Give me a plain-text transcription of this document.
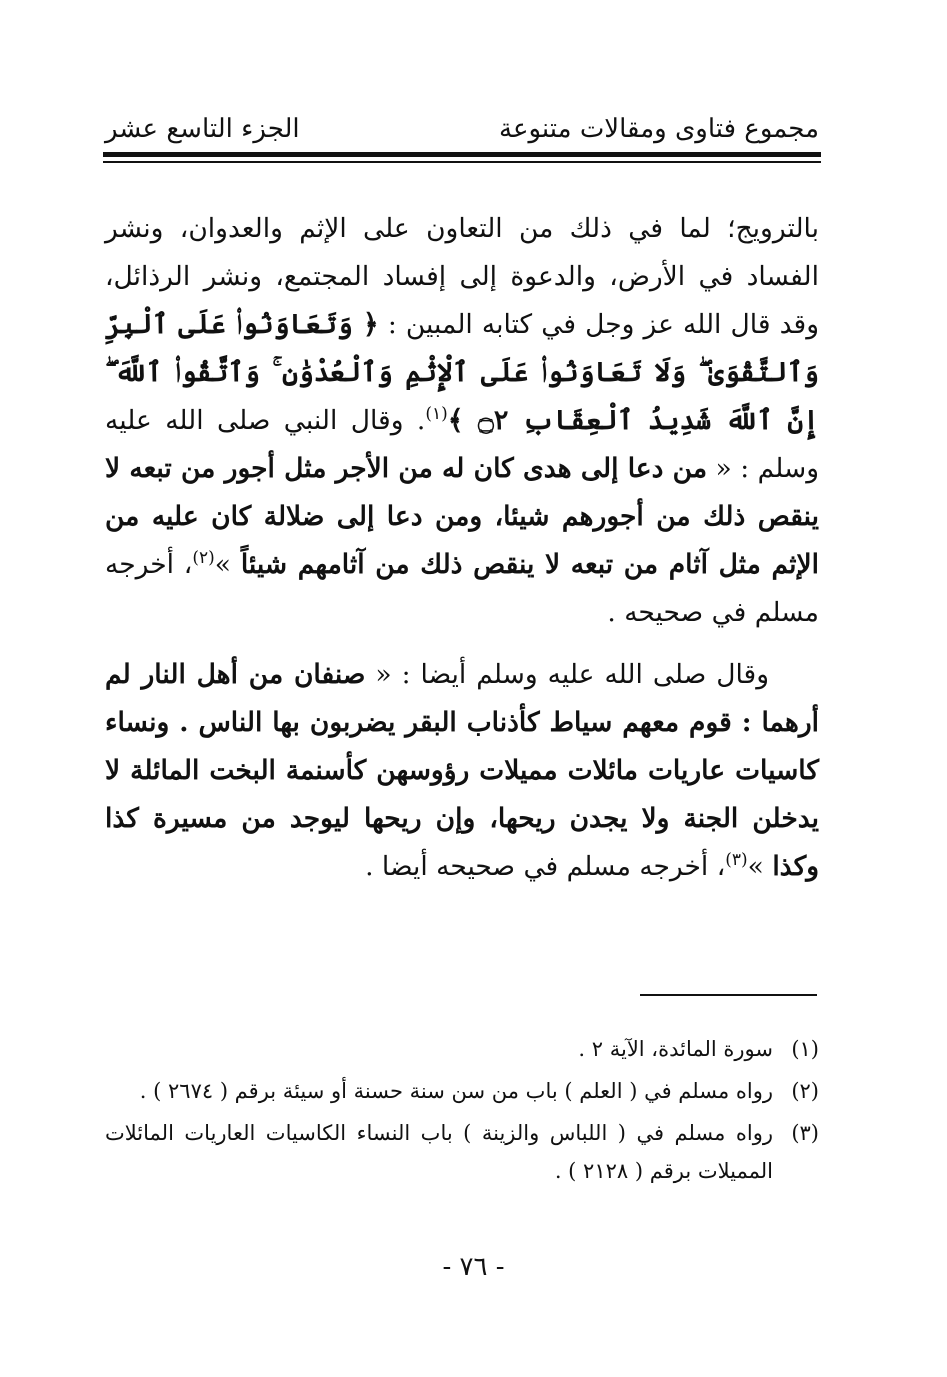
مجموع فتاوى ومقالات متنوعة
الجزء التاسع عشر

بالترويج؛ لما في ذلك من التعاون على الإثم والعدوان، ونشر الفساد في الأرض، والدعوة إلى إفساد المجتمع، ونشر الرذائل، وقد قال الله عز وجل في كتابه المبين : ﴿ وَتَعَاوَنُوا۟ عَلَى ٱلْبِرِّ وَٱلتَّقْوَىٰ ۖ وَلَا تَعَاوَنُوا۟ عَلَى ٱلْإِثْمِ وَٱلْعُدْوَٰنِ ۚ وَٱتَّقُوا۟ ٱللَّهَ ۖ إِنَّ ٱللَّهَ شَدِيدُ ٱلْعِقَابِ ۝٢ ﴾$^{(١)}$. وقال النبي صلى الله عليه وسلم : « من دعا إلى هدى كان له من الأجر مثل أجور من تبعه لا ينقص ذلك من أجورهم شيئا، ومن دعا إلى ضلالة كان عليه من الإثم مثل آثام من تبعه لا ينقص ذلك من آثامهم شيئاً »$^{(٢)}$، أخرجه مسلم في صحيحه .

وقال صلى الله عليه وسلم أيضا : « صنفان من أهل النار لم أرهما : قوم معهم سياط كأذناب البقر يضربون بها الناس . ونساء كاسيات عاريات مائلات مميلات رؤوسهن كأسنمة البخت المائلة لا يدخلن الجنة ولا يجدن ريحها، وإن ريحها ليوجد من مسيرة كذا وكذا »$^{(٣)}$، أخرجه مسلم في صحيحه أيضا .

(١)
سورة المائدة، الآية ٢ .
(٢)
رواه مسلم في ( العلم ) باب من سن سنة حسنة أو سيئة برقم ( ٢٦٧٤ ) .
(٣)
رواه مسلم في ( اللباس والزينة ) باب النساء الكاسيات العاريات المائلات المميلات برقم ( ٢١٢٨ ) .
- ٧٦ -
